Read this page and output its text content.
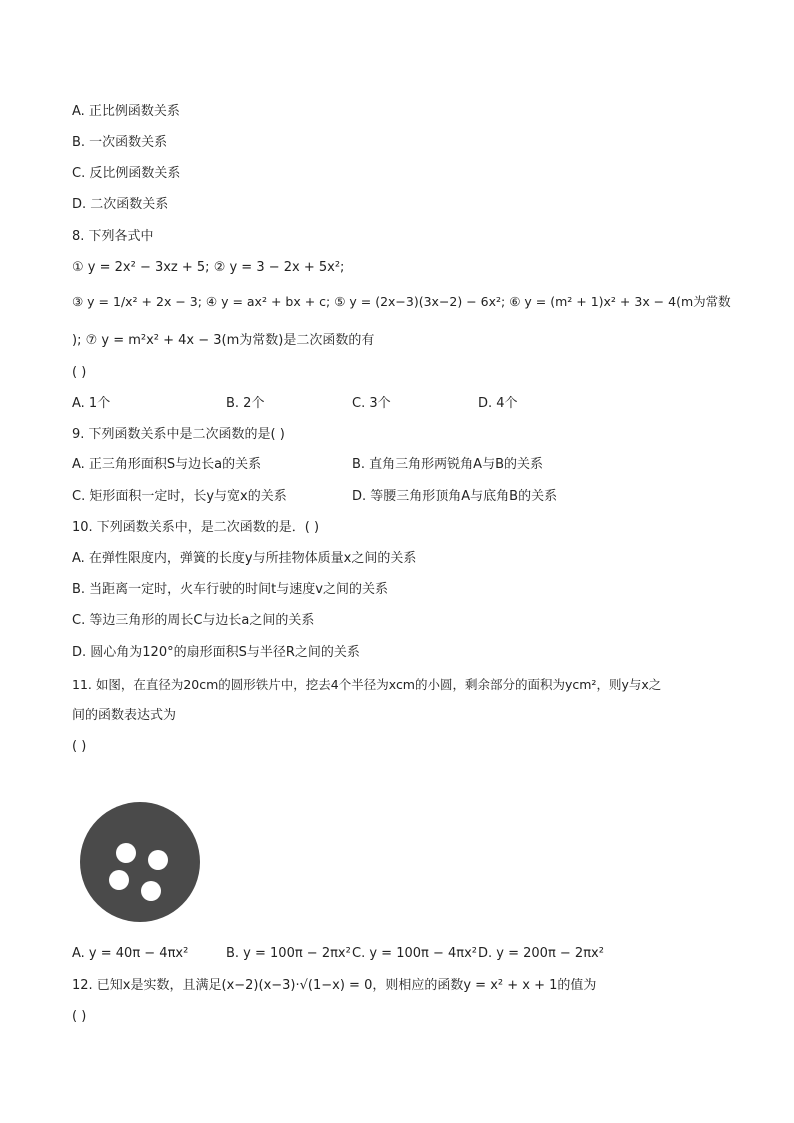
A. 正比例函数关系
B. 一次函数关系
C. 反比例函数关系
D. 二次函数关系
8. 下列各式中
① y = 2x² − 3xz + 5; ② y = 3 − 2x + 5x²;
③ y = 1/x² + 2x − 3; ④ y = ax² + bx + c; ⑤ y = (2x−3)(3x−2) − 6x²; ⑥ y = (m² + 1)x² + 3x − 4(m为常数
); ⑦ y = m²x² + 4x − 3(m为常数)是二次函数的有
( )
A. 1个	B. 2个	C. 3个	D. 4个
9. 下列函数关系中是二次函数的是( )
A. 正三角形面积S与边长a的关系	B. 直角三角形两锐角A与B的关系
C. 矩形面积一定时，长y与宽x的关系	D. 等腰三角形顶角A与底角B的关系
10. 下列函数关系中，是二次函数的是．( )
A. 在弹性限度内，弹簧的长度y与所挂物体质量x之间的关系
B. 当距离一定时，火车行驶的时间t与速度v之间的关系
C. 等边三角形的周长C与边长a之间的关系
D. 圆心角为120°的扇形面积S与半径R之间的关系
11. 如图，在直径为20cm的圆形铁片中，挖去4个半径为xcm的小圆，剩余部分的面积为ycm²，则y与x之
间的函数表达式为
( )
A. y = 40π − 4πx²	B. y = 100π − 2πx² C. y = 100π − 4πx² D. y = 200π − 2πx²
12. 已知x是实数，且满足(x−2)(x−3)·√(1−x) = 0，则相应的函数y = x² + x + 1的值为
( )
